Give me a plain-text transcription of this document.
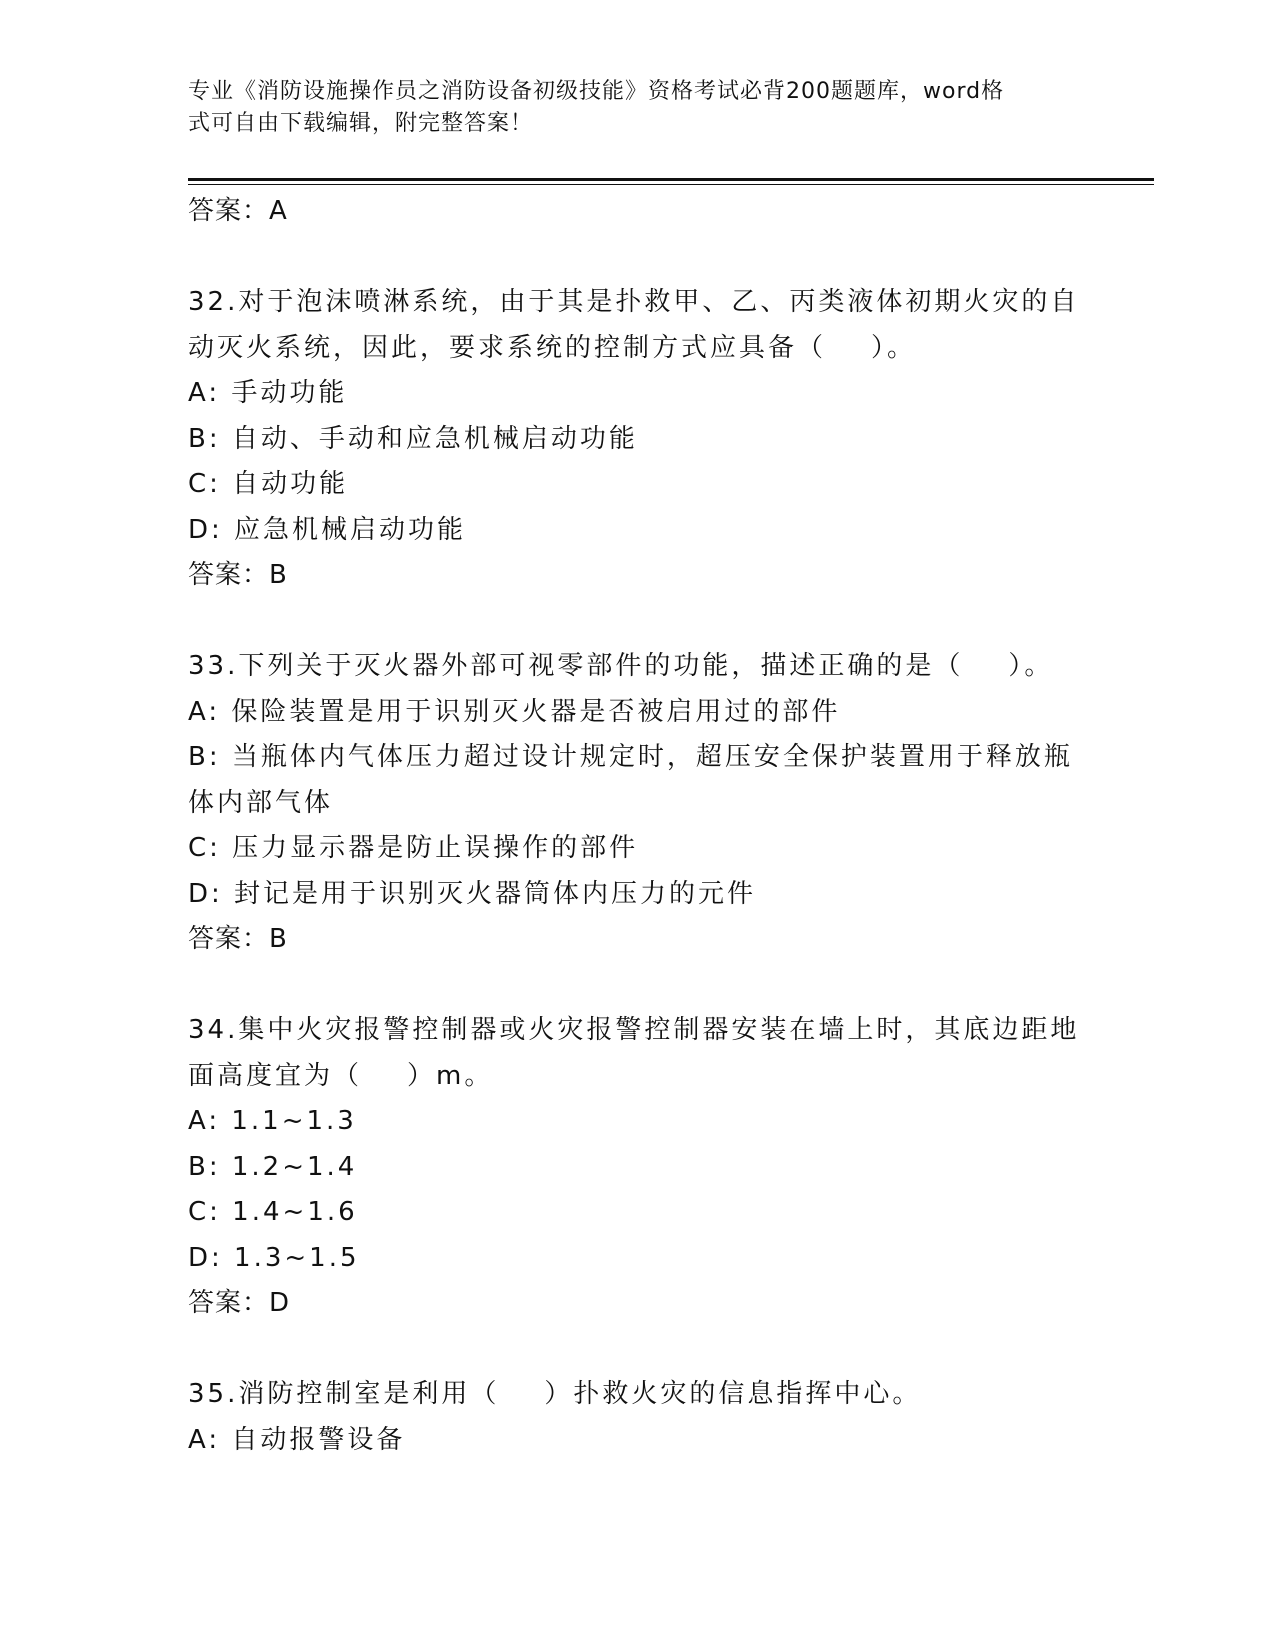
专业《消防设施操作员之消防设备初级技能》资格考试必背200题题库，word格
式可自由下载编辑，附完整答案！
答案：A
32.对于泡沫喷淋系统，由于其是扑救甲、乙、丙类液体初期火灾的自
动灭火系统，因此，要求系统的控制方式应具备（    ）。
A: 手动功能
B: 自动、手动和应急机械启动功能
C: 自动功能
D: 应急机械启动功能
答案：B
33.下列关于灭火器外部可视零部件的功能，描述正确的是（    ）。
A: 保险装置是用于识别灭火器是否被启用过的部件
B: 当瓶体内气体压力超过设计规定时，超压安全保护装置用于释放瓶
体内部气体
C: 压力显示器是防止误操作的部件
D: 封记是用于识别灭火器筒体内压力的元件
答案：B
34.集中火灾报警控制器或火灾报警控制器安装在墙上时，其底边距地
面高度宜为（    ）m。
A: 1.1~1.3
B: 1.2~1.4
C: 1.4~1.6
D: 1.3~1.5
答案：D
35.消防控制室是利用（    ）扑救火灾的信息指挥中心。
A: 自动报警设备
